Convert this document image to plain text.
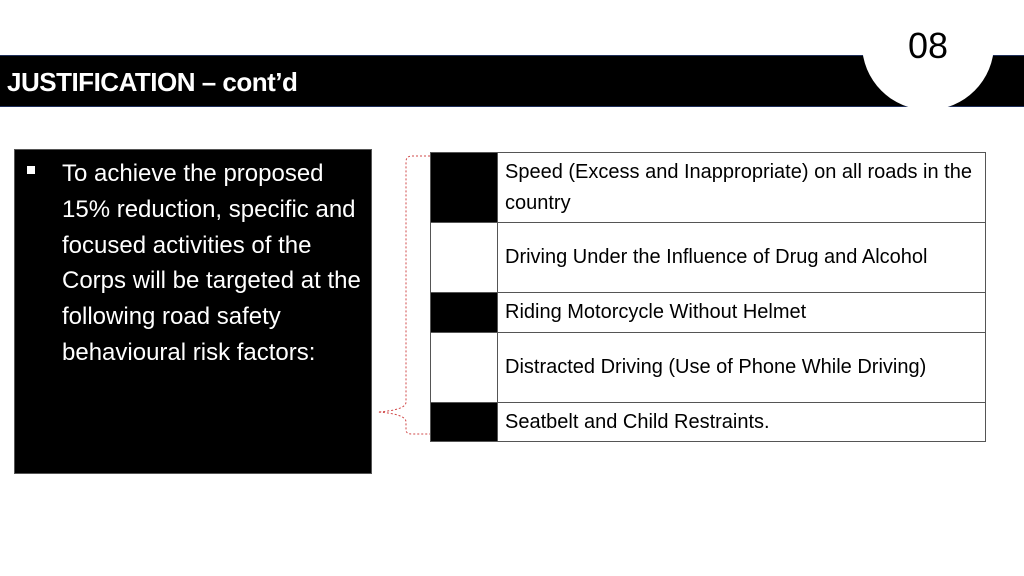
JUSTIFICATION – cont’d
08

To achieve the proposed 15% reduction, specific and focused activities of the Corps will be targeted at the following road safety behavioural risk factors:

	Speed (Excess and Inappropriate) on all roads in the country
	Driving Under the Influence of Drug and Alcohol
	Riding Motorcycle Without Helmet
	Distracted Driving (Use of Phone While Driving)
	Seatbelt and Child Restraints.
